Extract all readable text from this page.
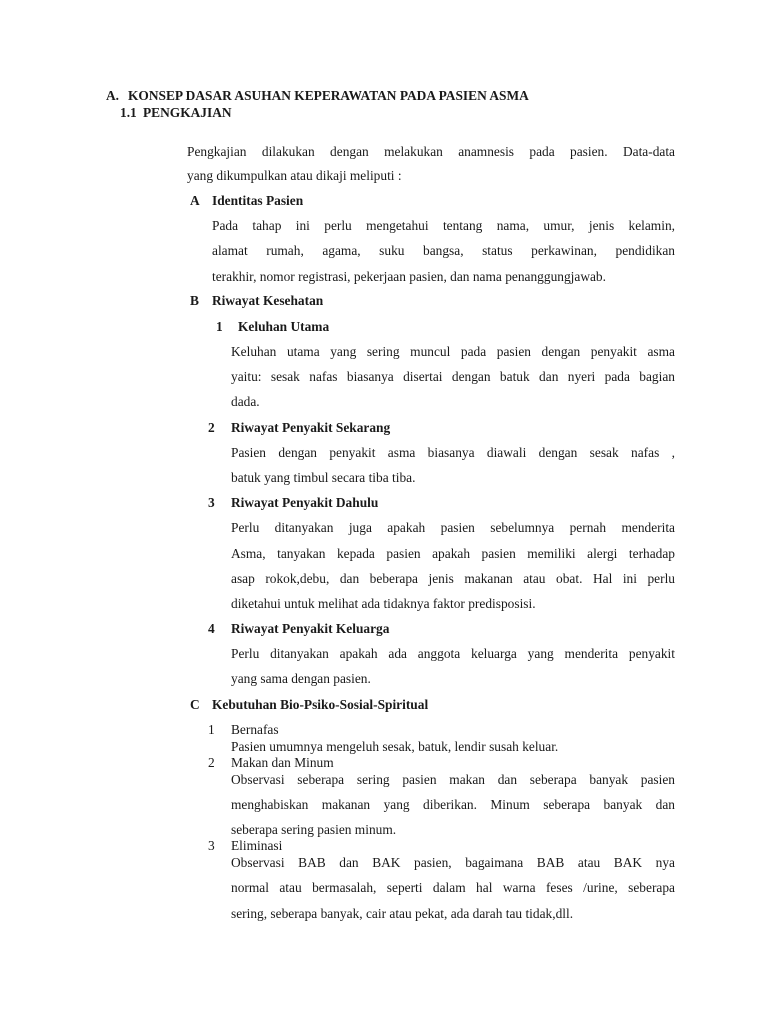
A. KONSEP DASAR ASUHAN KEPERAWATAN PADA PASIEN ASMA
1.1 PENGKAJIAN
Pengkajian dilakukan dengan melakukan anamnesis pada pasien. Data-data
yang dikumpulkan atau dikaji meliputi :
A Identitas Pasien
Pada tahap ini perlu mengetahui tentang nama, umur, jenis kelamin,
alamat rumah, agama, suku bangsa, status perkawinan, pendidikan
terakhir, nomor registrasi, pekerjaan pasien, dan nama penanggungjawab.
B Riwayat Kesehatan
1 Keluhan Utama
Keluhan utama yang sering muncul pada pasien dengan penyakit asma
yaitu: sesak nafas biasanya disertai dengan batuk dan nyeri pada bagian
dada.
2 Riwayat Penyakit Sekarang
Pasien dengan penyakit asma biasanya diawali dengan sesak nafas ,
batuk yang timbul secara tiba tiba.
3 Riwayat Penyakit Dahulu
Perlu ditanyakan juga apakah pasien sebelumnya pernah menderita
Asma, tanyakan kepada pasien apakah pasien memiliki alergi terhadap
asap rokok,debu, dan beberapa jenis makanan atau obat. Hal ini perlu
diketahui untuk melihat ada tidaknya faktor predisposisi.
4 Riwayat Penyakit Keluarga
Perlu ditanyakan apakah ada anggota keluarga yang menderita penyakit
yang sama dengan pasien.
C Kebutuhan Bio-Psiko-Sosial-Spiritual
1 Bernafas
Pasien umumnya mengeluh sesak, batuk, lendir susah keluar.
2 Makan dan Minum
Observasi seberapa sering pasien makan dan seberapa banyak pasien
menghabiskan makanan yang diberikan. Minum seberapa banyak dan
seberapa sering pasien minum.
3 Eliminasi
Observasi BAB dan BAK pasien, bagaimana BAB atau BAK nya
normal atau bermasalah, seperti dalam hal warna feses /urine, seberapa
sering, seberapa banyak, cair atau pekat, ada darah tau tidak,dll.
